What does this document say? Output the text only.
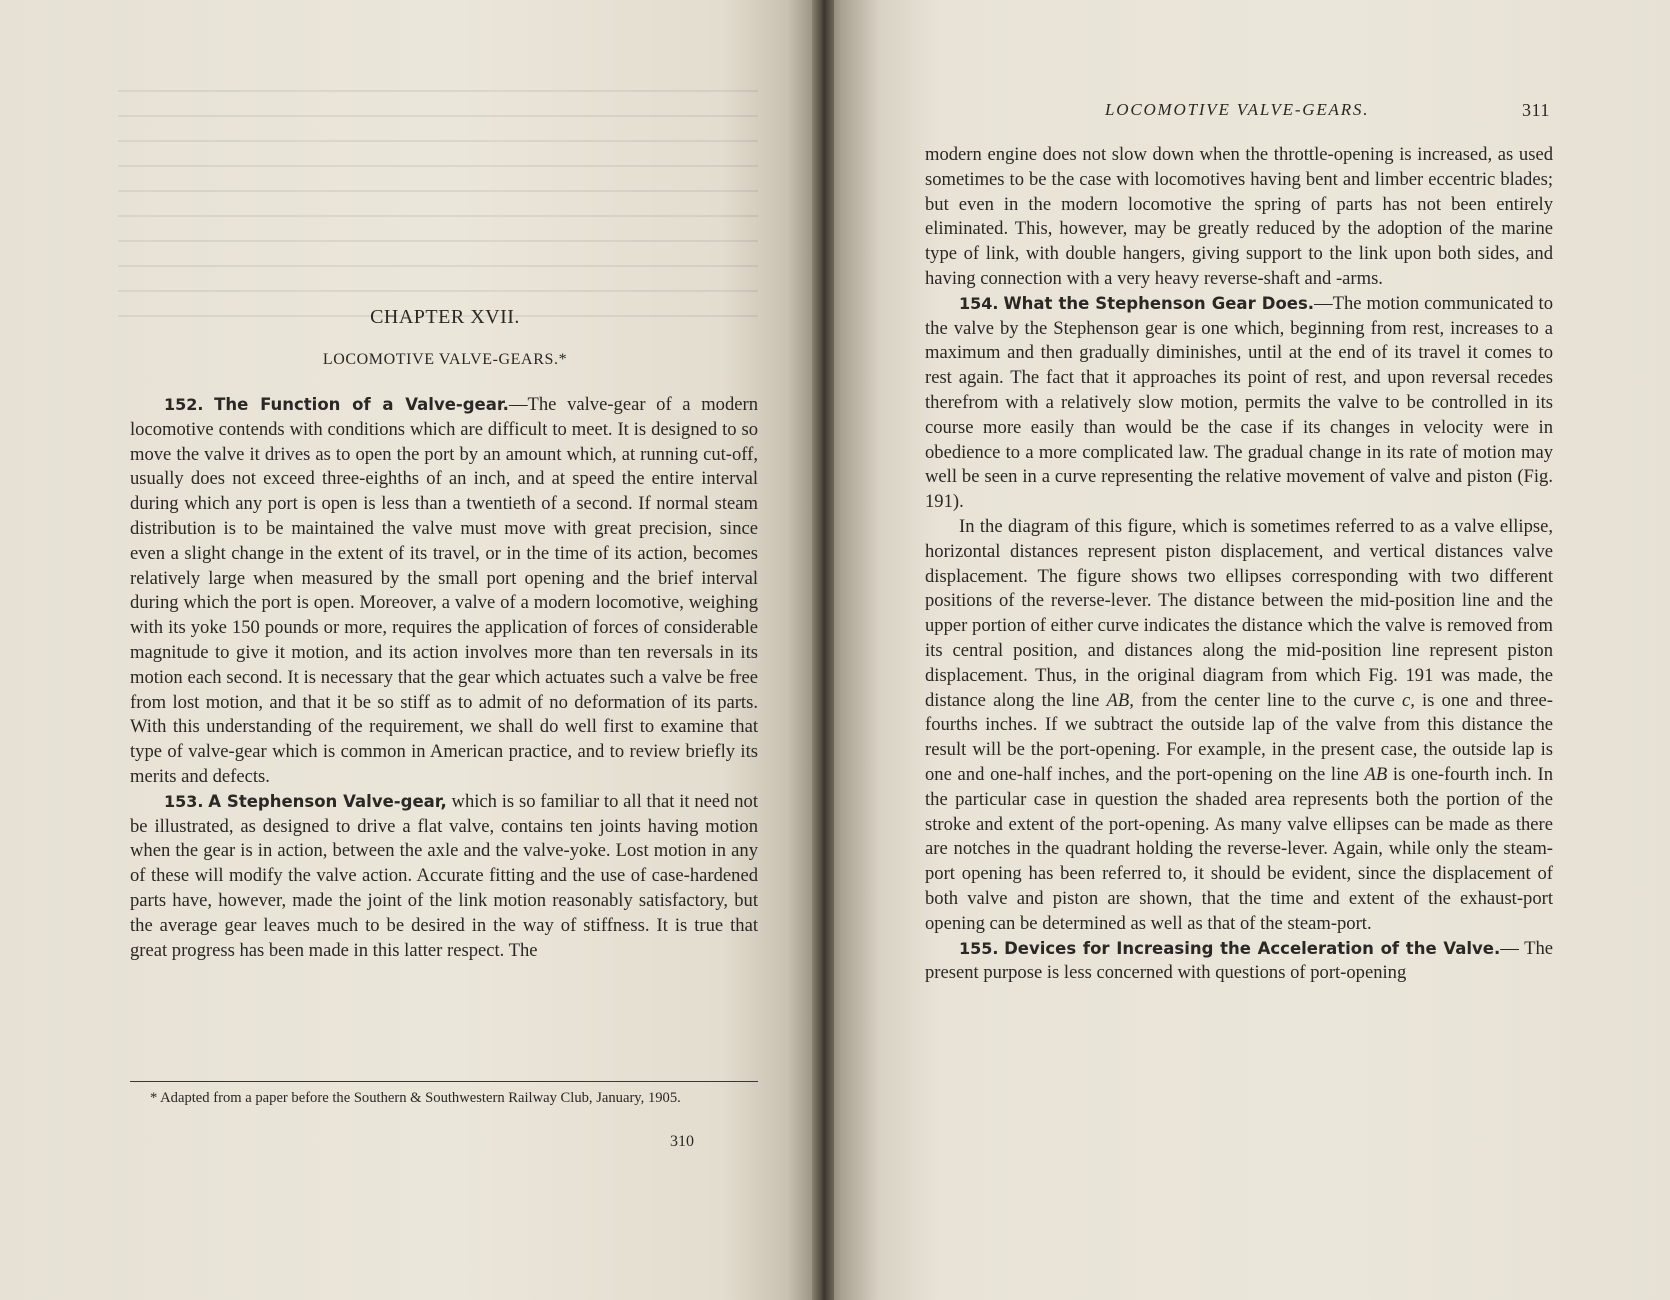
CHAPTER XVII.
LOCOMOTIVE VALVE-GEARS.*

152. The Function of a Valve-gear.—The valve-gear of a modern locomotive contends with conditions which are difficult to meet. It is designed to so move the valve it drives as to open the port by an amount which, at running cut-off, usually does not exceed three-eighths of an inch, and at speed the entire interval during which any port is open is less than a twentieth of a second. If normal steam distribution is to be maintained the valve must move with great precision, since even a slight change in the extent of its travel, or in the time of its action, becomes relatively large when measured by the small port opening and the brief interval during which the port is open. Moreover, a valve of a modern locomotive, weighing with its yoke 150 pounds or more, requires the application of forces of considerable magnitude to give it motion, and its action involves more than ten reversals in its motion each second. It is necessary that the gear which actuates such a valve be free from lost motion, and that it be so stiff as to admit of no deformation of its parts. With this understanding of the requirement, we shall do well first to examine that type of valve-gear which is common in American practice, and to review briefly its merits and defects.

153. A Stephenson Valve-gear, which is so familiar to all that it need not be illustrated, as designed to drive a flat valve, contains ten joints having motion when the gear is in action, between the axle and the valve-yoke. Lost motion in any of these will modify the valve action. Accurate fitting and the use of case-hardened parts have, however, made the joint of the link motion reasonably satisfactory, but the average gear leaves much to be desired in the way of stiffness. It is true that great progress has been made in this latter respect. The

* Adapted from a paper before the Southern & Southwestern Railway Club, January, 1905.

310
LOCOMOTIVE VALVE-GEARS.	311

modern engine does not slow down when the throttle-opening is increased, as used sometimes to be the case with locomotives having bent and limber eccentric blades; but even in the modern locomotive the spring of parts has not been entirely eliminated. This, however, may be greatly reduced by the adoption of the marine type of link, with double hangers, giving support to the link upon both sides, and having connection with a very heavy reverse-shaft and -arms.

154. What the Stephenson Gear Does.—The motion communicated to the valve by the Stephenson gear is one which, beginning from rest, increases to a maximum and then gradually diminishes, until at the end of its travel it comes to rest again. The fact that it approaches its point of rest, and upon reversal recedes therefrom with a relatively slow motion, permits the valve to be controlled in its course more easily than would be the case if its changes in velocity were in obedience to a more complicated law. The gradual change in its rate of motion may well be seen in a curve representing the relative movement of valve and piston (Fig. 191).

In the diagram of this figure, which is sometimes referred to as a valve ellipse, horizontal distances represent piston displacement, and vertical distances valve displacement. The figure shows two ellipses corresponding with two different positions of the reverse-lever. The distance between the mid-position line and the upper portion of either curve indicates the distance which the valve is removed from its central position, and distances along the mid-position line represent piston displacement. Thus, in the original diagram from which Fig. 191 was made, the distance along the line AB, from the center line to the curve c, is one and three-fourths inches. If we subtract the outside lap of the valve from this distance the result will be the port-opening. For example, in the present case, the outside lap is one and one-half inches, and the port-opening on the line AB is one-fourth inch. In the particular case in question the shaded area represents both the portion of the stroke and extent of the port-opening. As many valve ellipses can be made as there are notches in the quadrant holding the reverse-lever. Again, while only the steam-port opening has been referred to, it should be evident, since the displacement of both valve and piston are shown, that the time and extent of the exhaust-port opening can be determined as well as that of the steam-port.

155. Devices for Increasing the Acceleration of the Valve.— The present purpose is less concerned with questions of port-opening
